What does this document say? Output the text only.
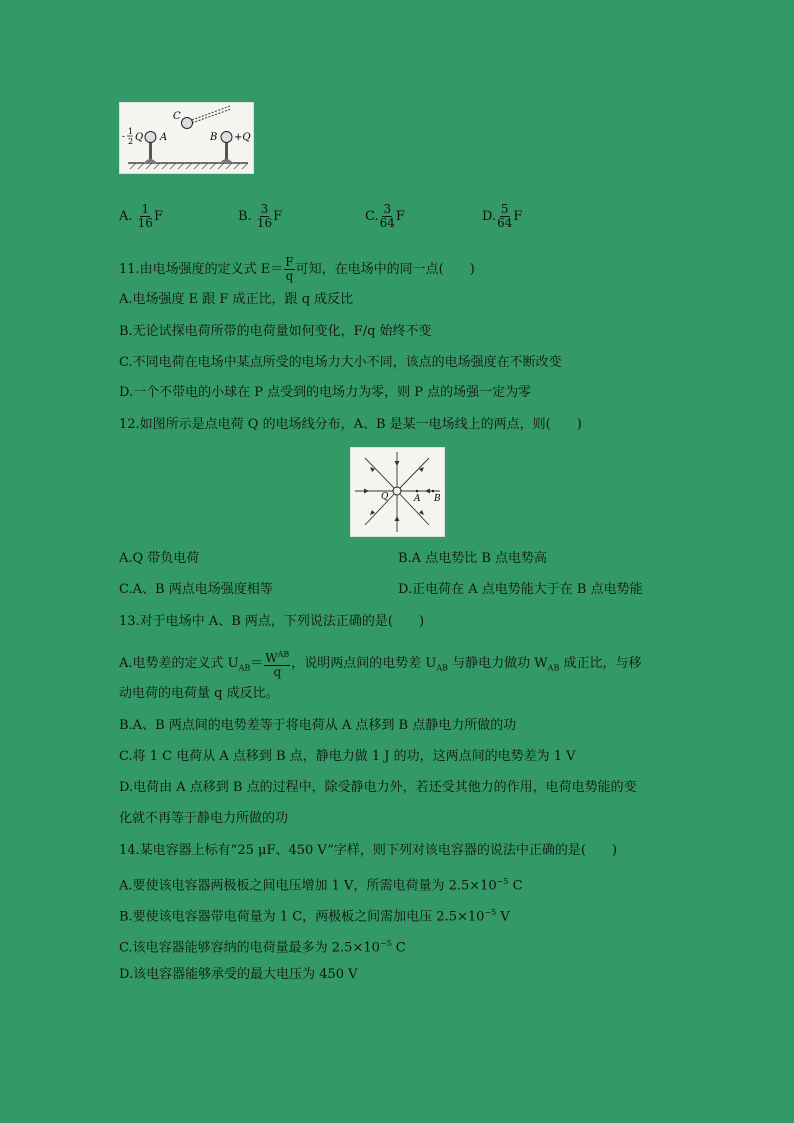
C
-
1
2 Q A	B +Q
A. $\frac{1}{16}$ F	B. $\frac{3}{16}$ F	C. $\frac{3}{64}$ F	D. $\frac{5}{64}$ F
11.由电场强度的定义式 $E= \frac{F}{q}$ 可知，在电场中的同一点(　　)
A.电场强度 E 跟 F 成正比，跟 q 成反比
B.无论试探电荷所带的电荷量如何变化，F/q 始终不变
C.不同电荷在电场中某点所受的电场力大小不同，该点的电场强度在不断改变
D.一个不带电的小球在 P 点受到的电场力为零，则 P 点的场强一定为零
12.如图所示是点电荷 Q 的电场线分布，A、B 是某一电场线上的两点，则(　　)
Q	A B
A.Q 带负电荷	B.A 点电势比 B 点电势高
C.A、B 两点电场强度相等	D.正电荷在 A 点电势能大于在 B 点电势能
13.对于电场中 A、B 两点，下列说法正确的是(　　)
A.电势差的定义式 $U_{AB}= \frac{W^{AB}}{q}$ ，说明两点间的电势差 $U_{AB}$ 与静电力做功 $W_{AB}$ 成正比，与移
动电荷的电荷量 q 成反比。
B.A、B 两点间的电势差等于将电荷从 A 点移到 B 点静电力所做的功
C.将 1 C 电荷从 A 点移到 B 点，静电力做 1 J 的功，这两点间的电势差为 1 V
D.电荷由 A 点移到 B 点的过程中，除受静电力外，若还受其他力的作用，电荷电势能的变
化就不再等于静电力所做的功
14.某电容器上标有“25 μF、450 V”字样，则下列对该电容器的说法中正确的是(　　)
A.要使该电容器两极板之间电压增加 1 V，所需电荷量为 $2.5\times 10^{-5}$ C
B.要使该电容器带电荷量为 1 C，两极板之间需加电压 $2.5\times 10^{-5}$ V
C.该电容器能够容纳的电荷量最多为 $2.5\times 10^{-5}$ C
D.该电容器能够承受的最大电压为 450 V
